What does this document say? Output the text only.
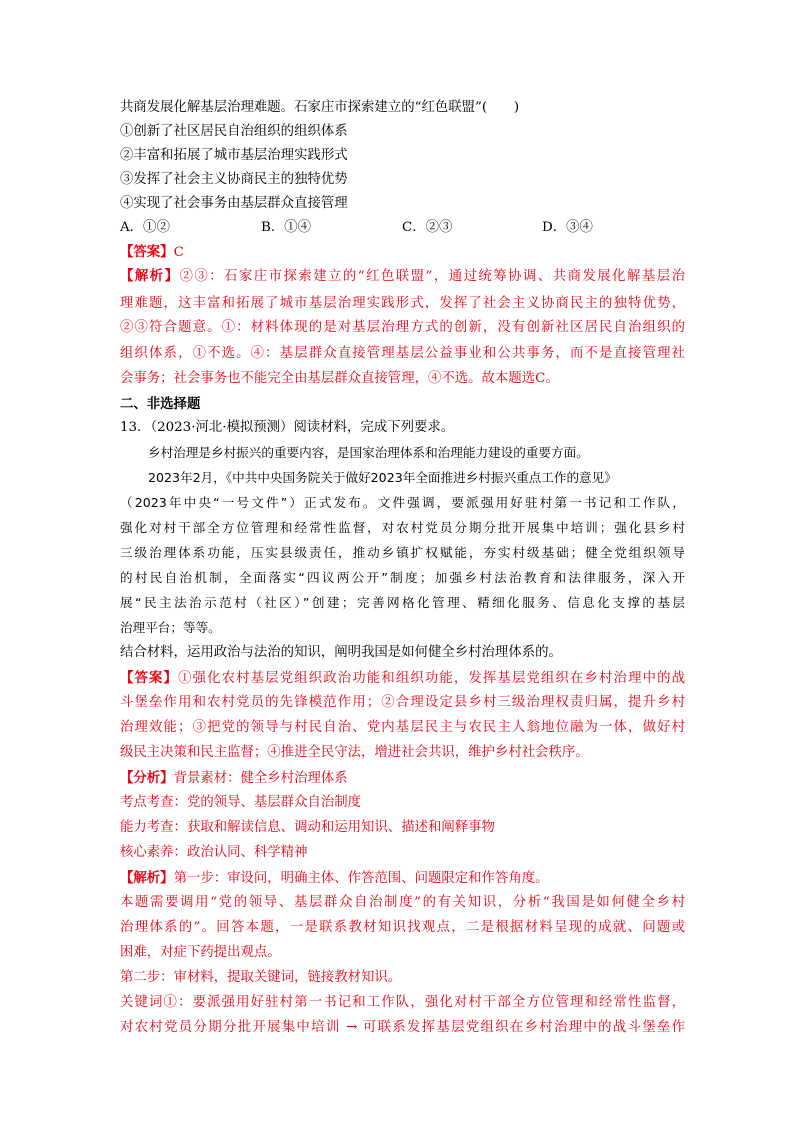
共商发展化解基层治理难题。石家庄市探索建立的“红色联盟”(　　)
①创新了社区居民自治组织的组织体系
②丰富和拓展了城市基层治理实践形式
③发挥了社会主义协商民主的独特优势
④实现了社会事务由基层群众直接管理
A．①②	B．①④	C．②③	D．③④
【答案】C
【解析】②③：石家庄市探索建立的“红色联盟”，通过统筹协调、共商发展化解基层治
理难题，这丰富和拓展了城市基层治理实践形式，发挥了社会主义协商民主的独特优势，
②③符合题意。①：材料体现的是对基层治理方式的创新，没有创新社区居民自治组织的
组织体系，①不选。④：基层群众直接管理基层公益事业和公共事务，而不是直接管理社
会事务；社会事务也不能完全由基层群众直接管理，④不选。故本题选C。
二、非选择题
13．（2023·河北·模拟预测）阅读材料，完成下列要求。
乡村治理是乡村振兴的重要内容，是国家治理体系和治理能力建设的重要方面。
2023年2月，《中共中央国务院关于做好2023年全面推进乡村振兴重点工作的意见》
（2023年中央“一号文件”）正式发布。文件强调，要派强用好驻村第一书记和工作队，
强化对村干部全方位管理和经常性监督，对农村党员分期分批开展集中培训；强化县乡村
三级治理体系功能，压实县级责任，推动乡镇扩权赋能，夯实村级基础；健全党组织领导
的村民自治机制，全面落实“四议两公开”制度；加强乡村法治教育和法律服务，深入开
展“民主法治示范村（社区）”创建；完善网格化管理、精细化服务、信息化支撑的基层
治理平台；等等。
结合材料，运用政治与法治的知识，阐明我国是如何健全乡村治理体系的。
【答案】①强化农村基层党组织政治功能和组织功能，发挥基层党组织在乡村治理中的战
斗堡垒作用和农村党员的先锋模范作用；②合理设定县乡村三级治理权责归属，提升乡村
治理效能；③把党的领导与村民自治、党内基层民主与农民主人翁地位融为一体，做好村
级民主决策和民主监督；④推进全民守法，增进社会共识，维护乡村社会秩序。
【分析】背景素材：健全乡村治理体系
考点考查：党的领导、基层群众自治制度
能力考查：获取和解读信息、调动和运用知识、描述和阐释事物
核心素养：政治认同、科学精神
【解析】第一步：审设问，明确主体、作答范围、问题限定和作答角度。
本题需要调用“党的领导、基层群众自治制度”的有关知识，分析“我国是如何健全乡村
治理体系的”。回答本题，一是联系教材知识找观点，二是根据材料呈现的成就、问题或
困难，对症下药提出观点。
第二步：审材料，提取关键词，链接教材知识。
关键词①：要派强用好驻村第一书记和工作队，强化对村干部全方位管理和经常性监督，
对农村党员分期分批开展集中培训 → 可联系发挥基层党组织在乡村治理中的战斗堡垒作
